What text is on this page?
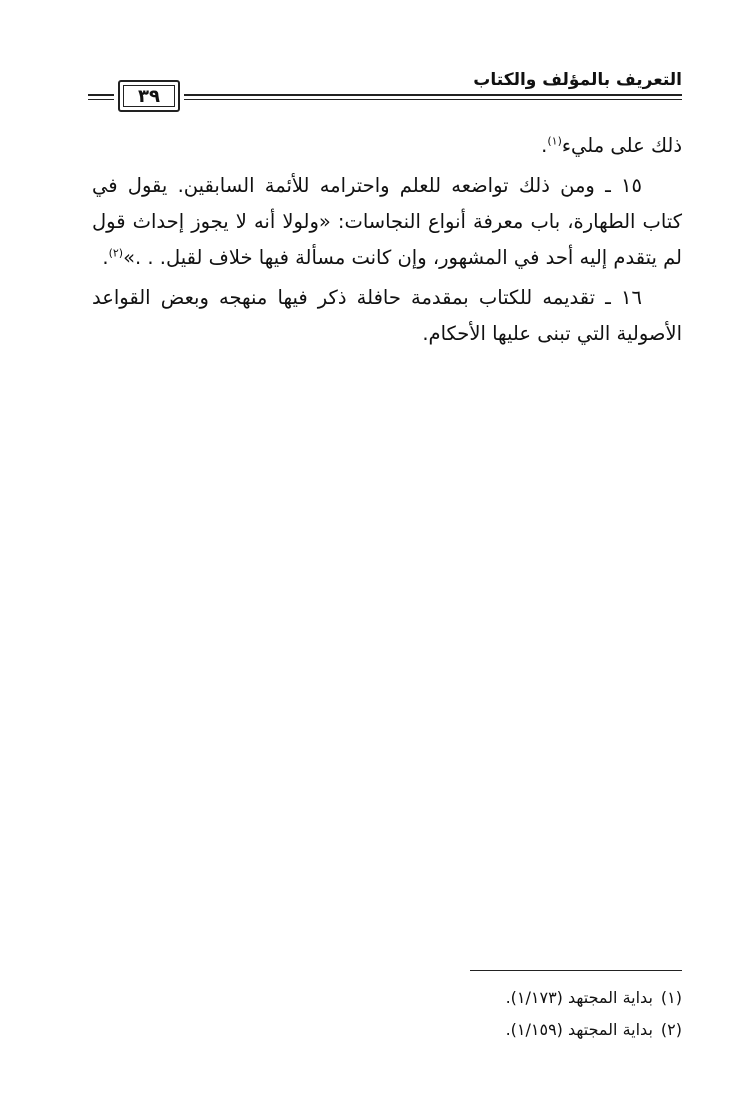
التعريف بالمؤلف والكتاب
٣٩

ذلك على مليء$^{(١)}$.

١٥ ـ ومن ذلك تواضعه للعلم واحترامه للأئمة السابقين. يقول في كتاب الطهارة، باب معرفة أنواع النجاسات: «ولولا أنه لا يجوز إحداث قول لم يتقدم إليه أحد في المشهور، وإن كانت مسألة فيها خلاف لقيل. . .»$^{(٢)}$.

١٦ ـ تقديمه للكتاب بمقدمة حافلة ذكر فيها منهجه وبعض القواعد الأصولية التي تبنى عليها الأحكام.

(١)بداية المجتهد (١/١٧٣).
(٢)بداية المجتهد (١/١٥٩).
